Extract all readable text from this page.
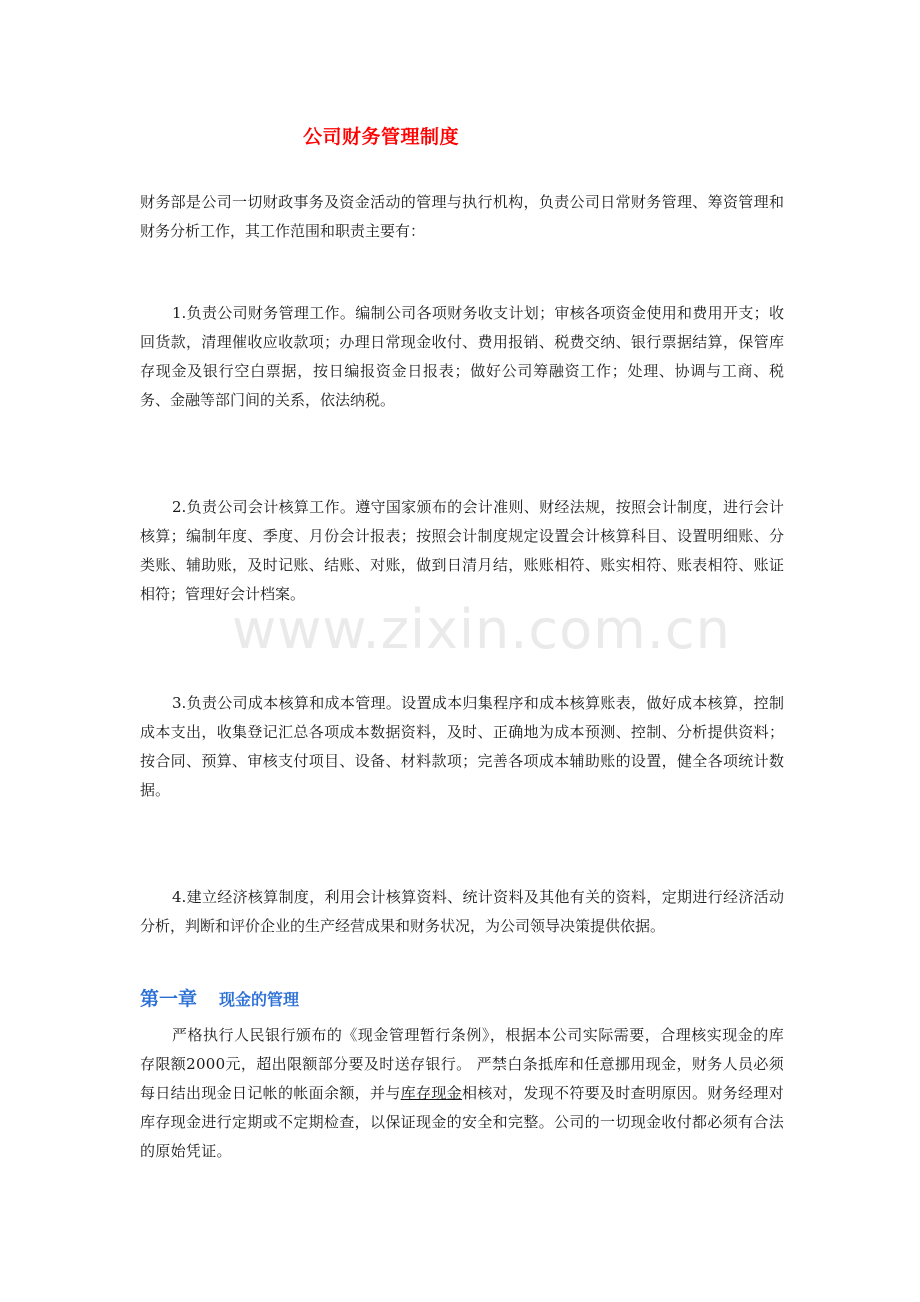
公司财务管理制度

财务部是公司一切财政事务及资金活动的管理与执行机构，负责公司日常财务管理、筹资管理和财务分析工作，其工作范围和职责主要有：

1.负责公司财务管理工作。编制公司各项财务收支计划；审核各项资金使用和费用开支；收回货款，清理催收应收款项；办理日常现金收付、费用报销、税费交纳、银行票据结算，保管库存现金及银行空白票据，按日编报资金日报表；做好公司筹融资工作；处理、协调与工商、税务、金融等部门间的关系，依法纳税。

2.负责公司会计核算工作。遵守国家颁布的会计准则、财经法规，按照会计制度，进行会计核算；编制年度、季度、月份会计报表；按照会计制度规定设置会计核算科目、设置明细账、分类账、辅助账，及时记账、结账、对账，做到日清月结，账账相符、账实相符、账表相符、账证相符；管理好会计档案。

3.负责公司成本核算和成本管理。设置成本归集程序和成本核算账表，做好成本核算，控制成本支出，收集登记汇总各项成本数据资料，及时、正确地为成本预测、控制、分析提供资料；按合同、预算、审核支付项目、设备、材料款项；完善各项成本辅助账的设置，健全各项统计数据。

4.建立经济核算制度，利用会计核算资料、统计资料及其他有关的资料，定期进行经济活动分析，判断和评价企业的生产经营成果和财务状况，为公司领导决策提供依据。

第一章 现金的管理

严格执行人民银行颁布的《现金管理暂行条例》，根据本公司实际需要，合理核实现金的库存限额2000元，超出限额部分要及时送存银行。 严禁白条抵库和任意挪用现金，财务人员必须每日结出现金日记帐的帐面余额，并与库存现金相核对，发现不符要及时查明原因。财务经理对库存现金进行定期或不定期检查，以保证现金的安全和完整。公司的一切现金收付都必须有合法的原始凭证。

www.zixin.com.cn
